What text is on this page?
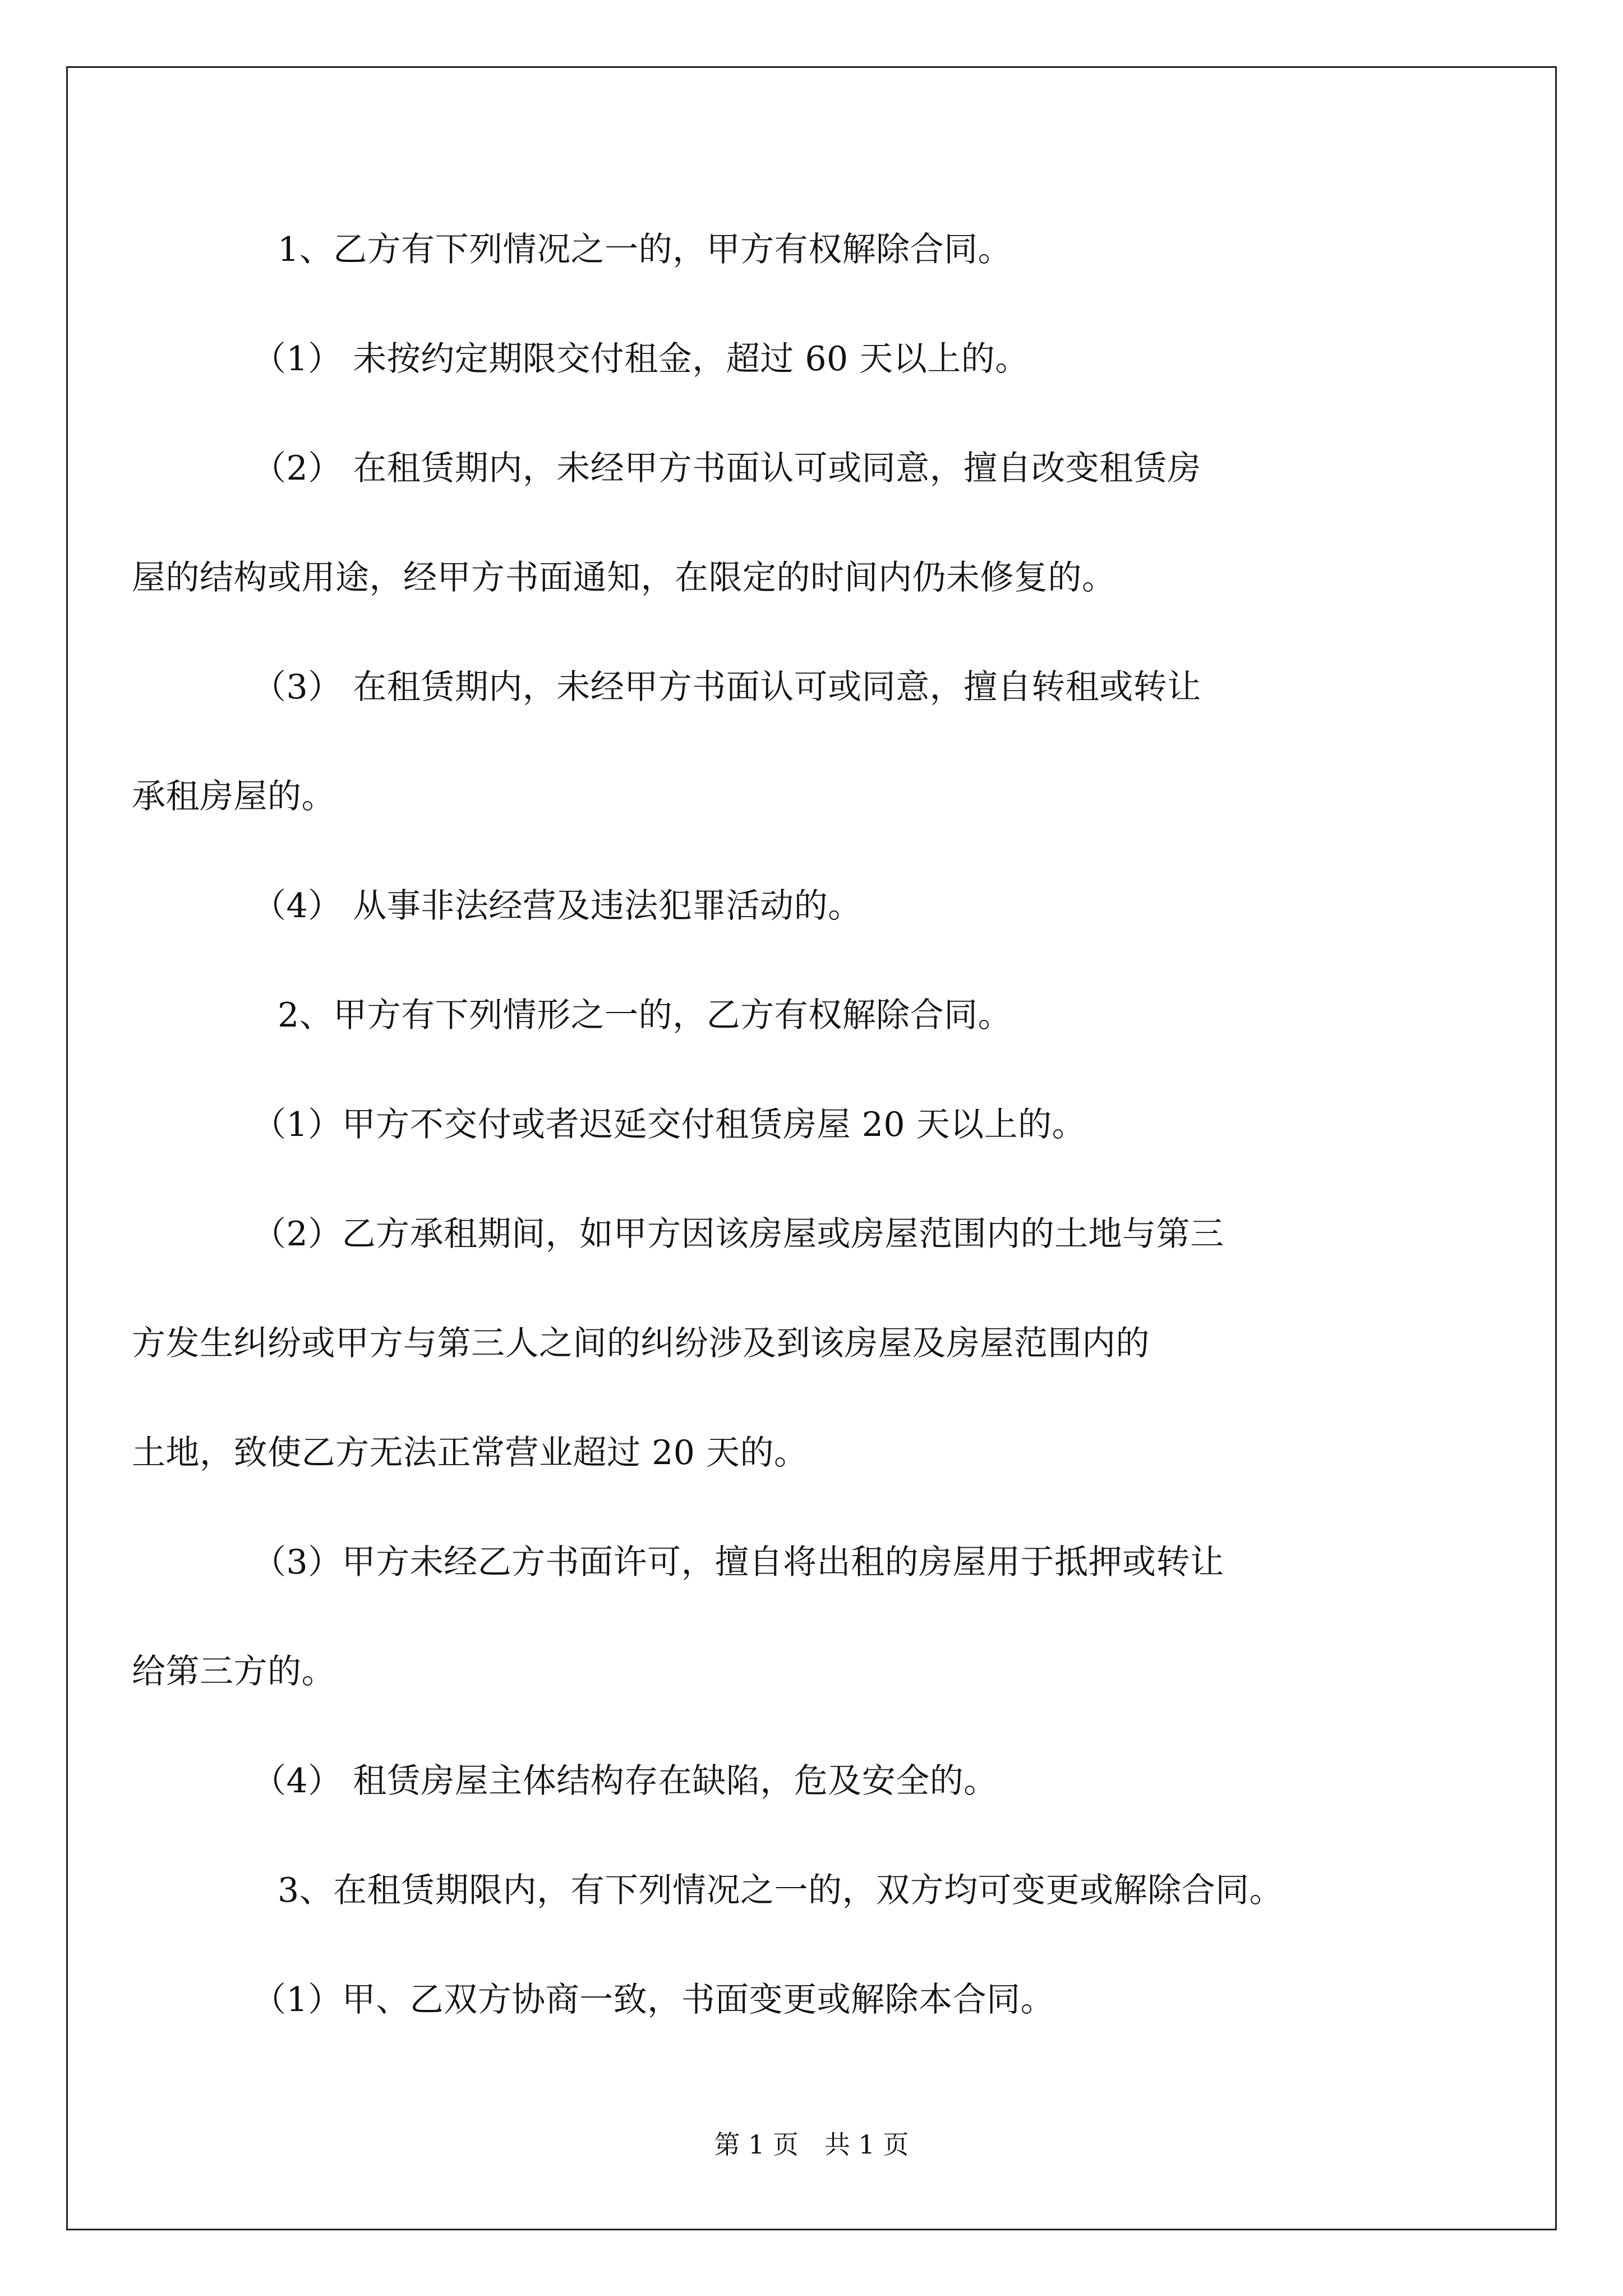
1、乙方有下列情况之一的，甲方有权解除合同。
（1） 未按约定期限交付租金，超过 60 天以上的。
（2） 在租赁期内，未经甲方书面认可或同意，擅自改变租赁房
屋的结构或用途，经甲方书面通知，在限定的时间内仍未修复的。
（3） 在租赁期内，未经甲方书面认可或同意，擅自转租或转让
承租房屋的。
（4） 从事非法经营及违法犯罪活动的。
2、甲方有下列情形之一的，乙方有权解除合同。
（1）甲方不交付或者迟延交付租赁房屋 20 天以上的。
（2）乙方承租期间，如甲方因该房屋或房屋范围内的土地与第三
方发生纠纷或甲方与第三人之间的纠纷涉及到该房屋及房屋范围内的
土地，致使乙方无法正常营业超过 20 天的。
（3）甲方未经乙方书面许可，擅自将出租的房屋用于抵押或转让
给第三方的。
（4） 租赁房屋主体结构存在缺陷，危及安全的。
3、在租赁期限内，有下列情况之一的，双方均可变更或解除合同。
（1）甲、乙双方协商一致，书面变更或解除本合同。
第 1 页　共 1 页
